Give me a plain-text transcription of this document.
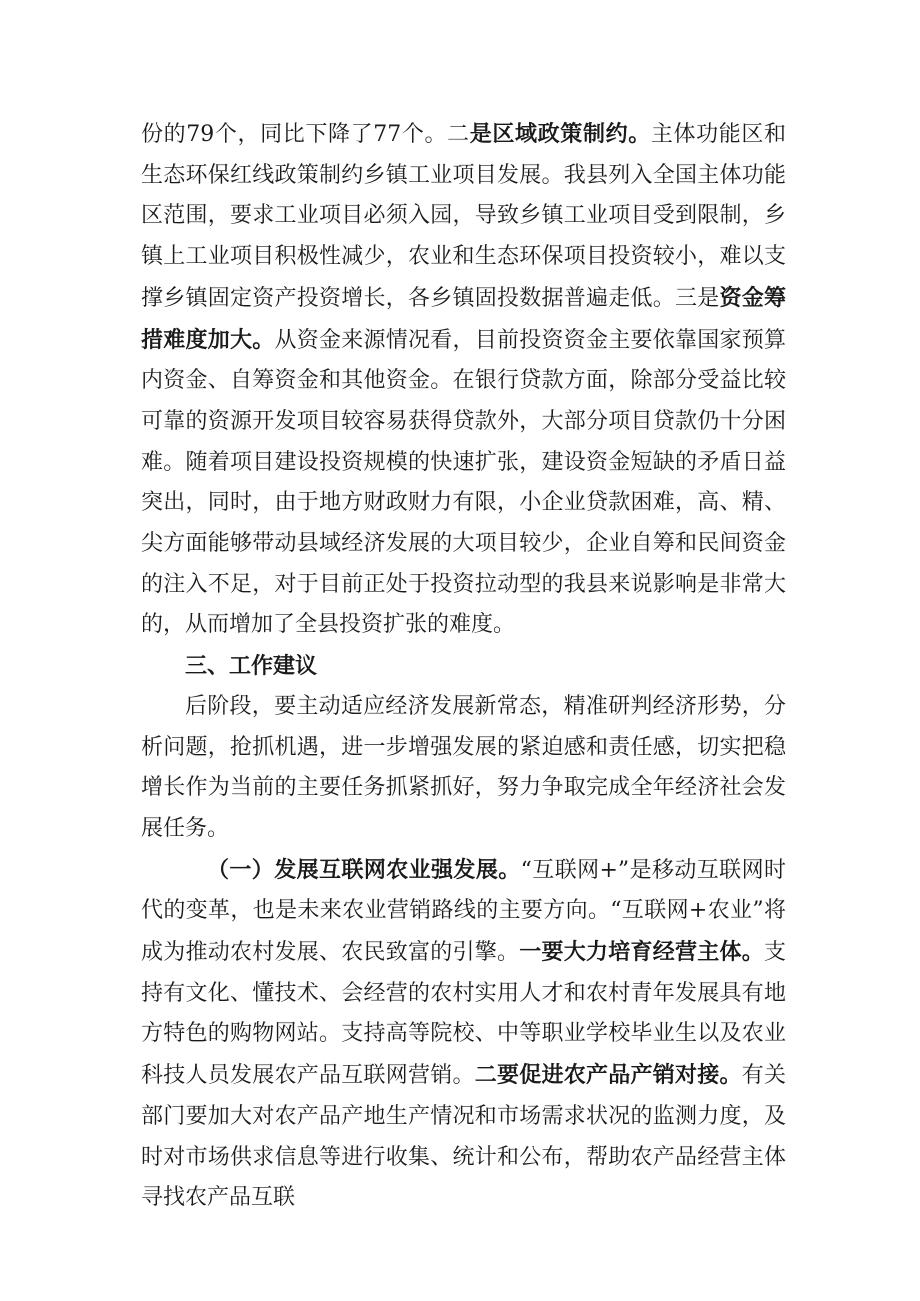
份的79个，同比下降了77个。二是区域政策制约。主体功能区和生态环保红线政策制约乡镇工业项目发展。我县列入全国主体功能区范围，要求工业项目必须入园，导致乡镇工业项目受到限制，乡镇上工业项目积极性减少，农业和生态环保项目投资较小，难以支撑乡镇固定资产投资增长，各乡镇固投数据普遍走低。三是资金筹措难度加大。从资金来源情况看，目前投资资金主要依靠国家预算内资金、自筹资金和其他资金。在银行贷款方面，除部分受益比较可靠的资源开发项目较容易获得贷款外，大部分项目贷款仍十分困难。随着项目建设投资规模的快速扩张，建设资金短缺的矛盾日益突出，同时，由于地方财政财力有限，小企业贷款困难，高、精、尖方面能够带动县域经济发展的大项目较少，企业自筹和民间资金的注入不足，对于目前正处于投资拉动型的我县来说影响是非常大的，从而增加了全县投资扩张的难度。

三、工作建议

后阶段，要主动适应经济发展新常态，精准研判经济形势，分析问题，抢抓机遇，进一步增强发展的紧迫感和责任感，切实把稳增长作为当前的主要任务抓紧抓好，努力争取完成全年经济社会发展任务。

（一）发展互联网农业强发展。“互联网+”是移动互联网时代的变革，也是未来农业营销路线的主要方向。“互联网+农业”将成为推动农村发展、农民致富的引擎。一要大力培育经营主体。支持有文化、懂技术、会经营的农村实用人才和农村青年发展具有地方特色的购物网站。支持高等院校、中等职业学校毕业生以及农业科技人员发展农产品互联网营销。二要促进农产品产销对接。有关部门要加大对农产品产地生产情况和市场需求状况的监测力度，及时对市场供求信息等进行收集、统计和公布，帮助农产品经营主体寻找农产品互联
